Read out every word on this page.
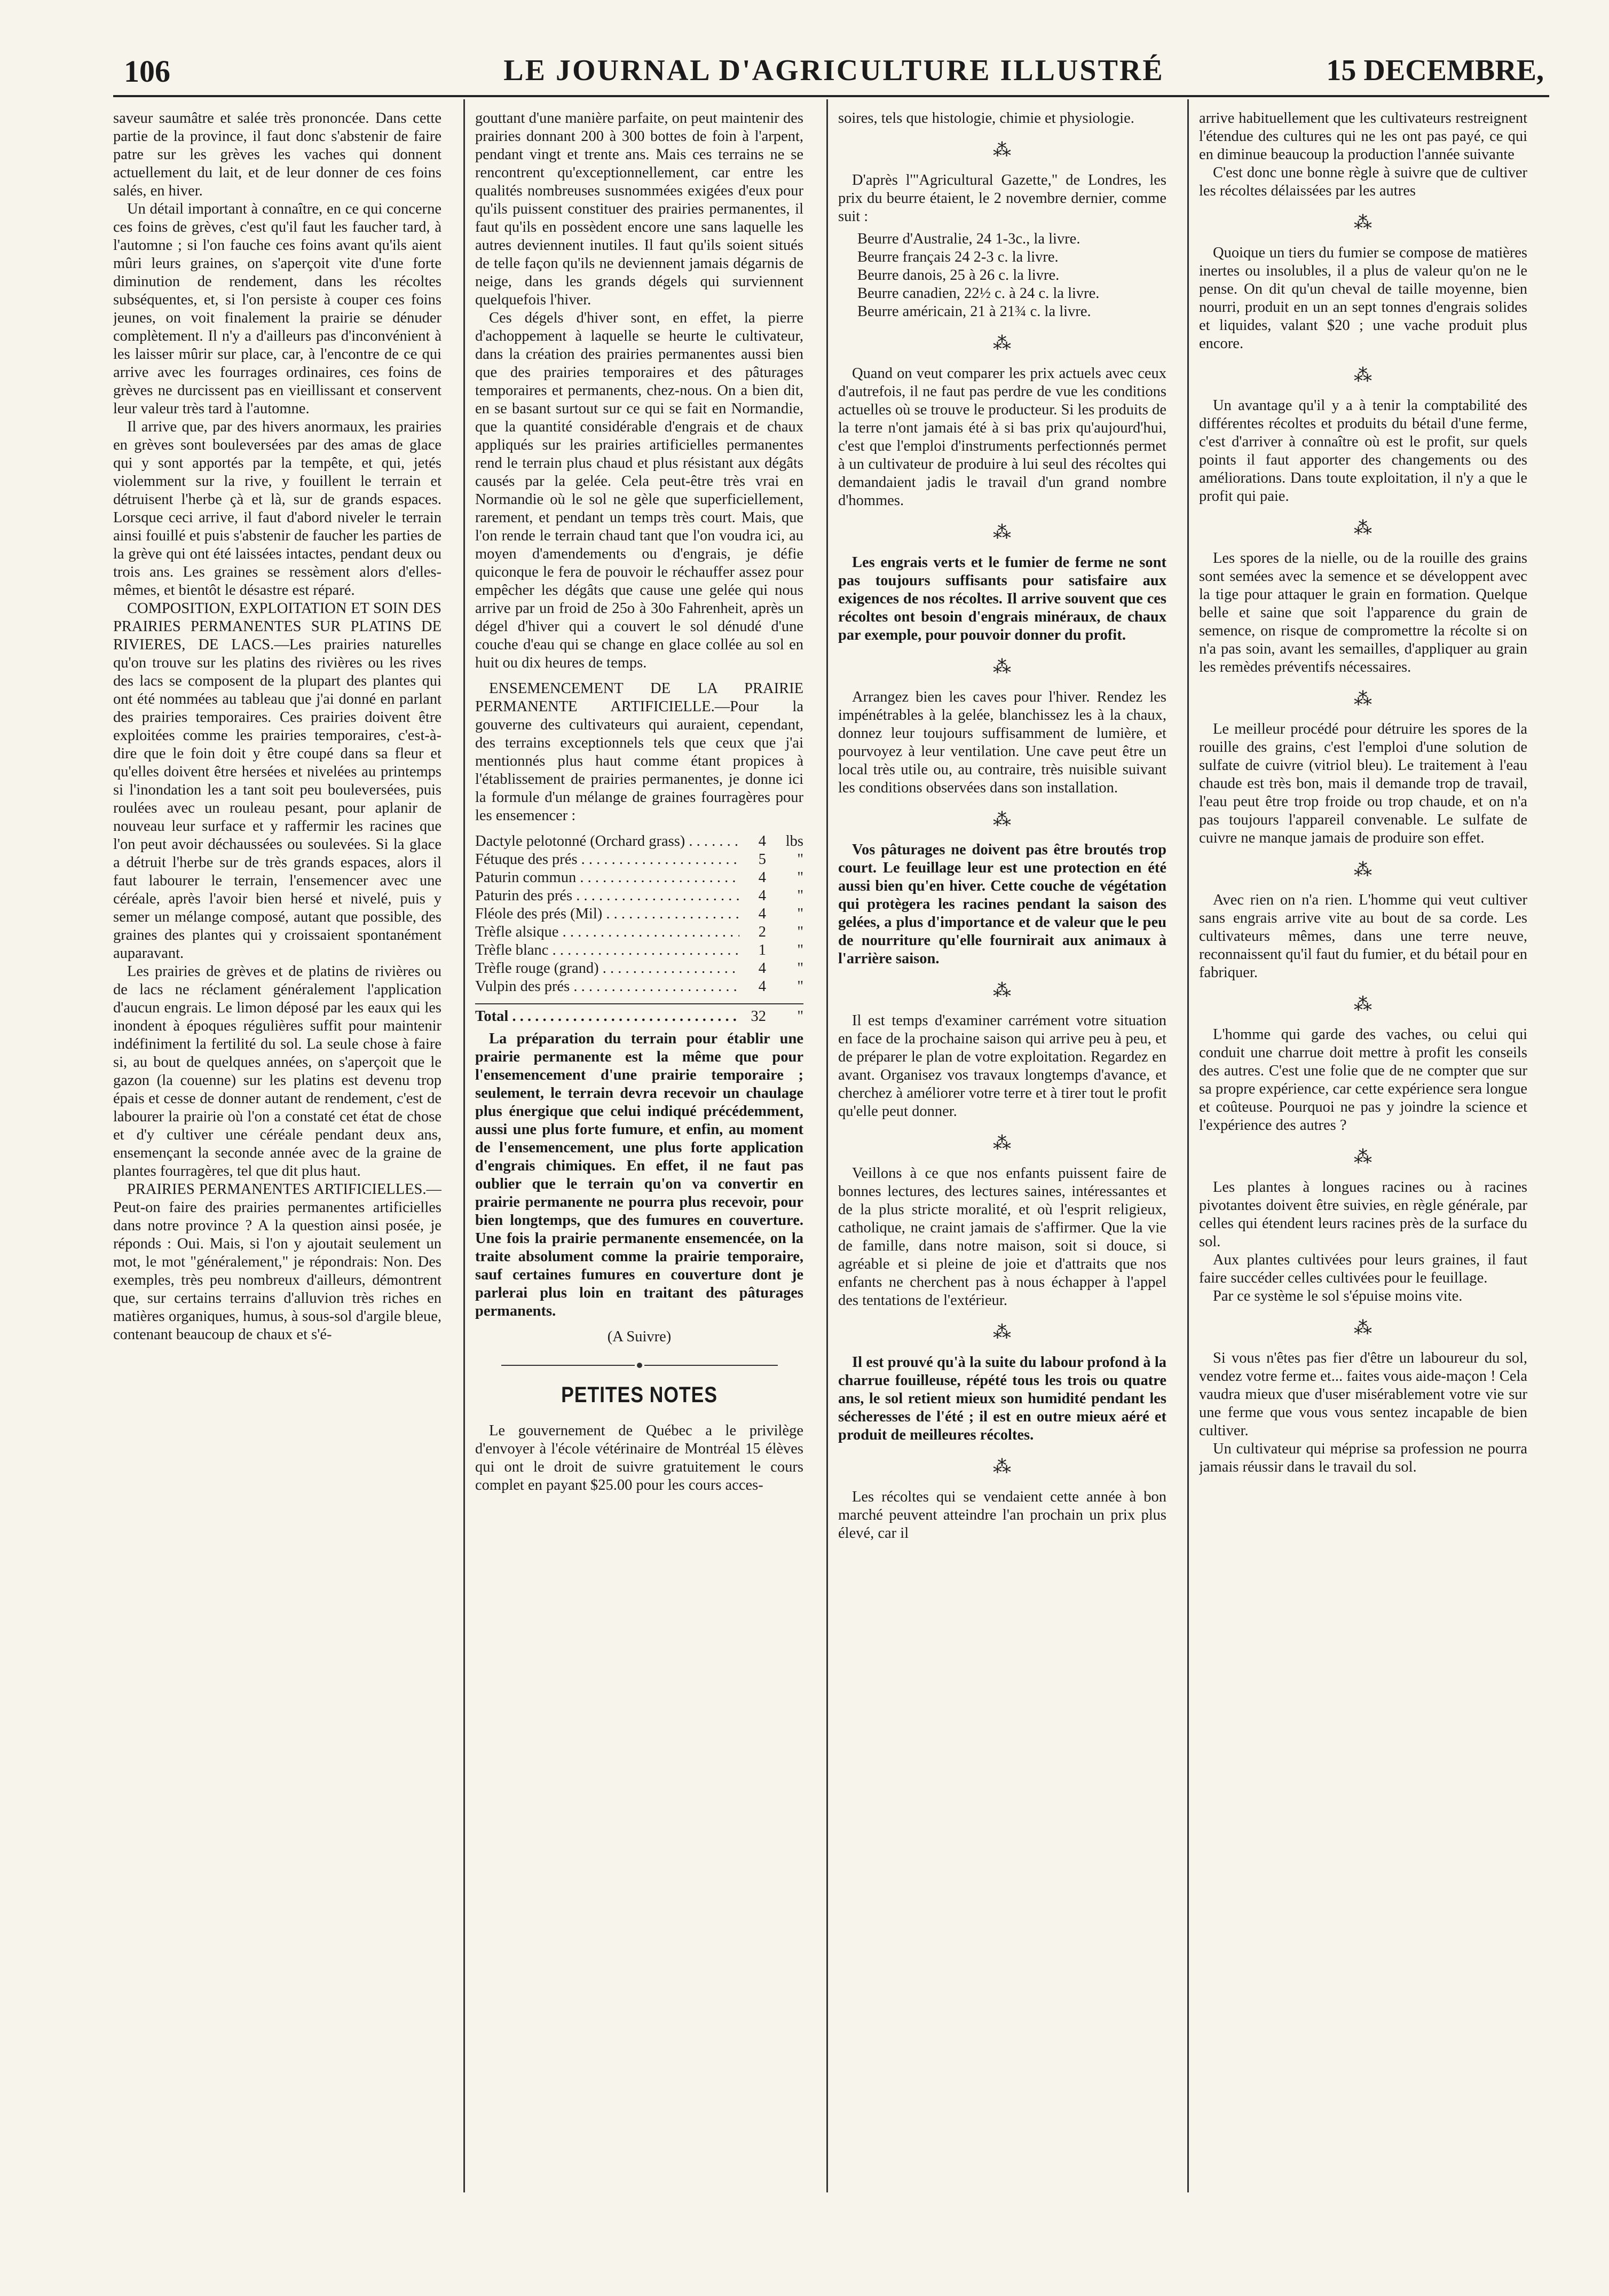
106	LE JOURNAL D'AGRICULTURE ILLUSTRÉ	15 DECEMBRE,

saveur saumâtre et salée très prononcée. Dans cette partie de la province, il faut donc s'abstenir de faire patre sur les grèves les vaches qui donnent actuellement du lait, et de leur donner de ces foins salés, en hiver.

Un détail important à connaître, en ce qui concerne ces foins de grèves, c'est qu'il faut les faucher tard, à l'automne ; si l'on fauche ces foins avant qu'ils aient mûri leurs graines, on s'aperçoit vite d'une forte diminution de rendement, dans les récoltes subséquentes, et, si l'on persiste à couper ces foins jeunes, on voit finalement la prairie se dénuder complètement. Il n'y a d'ailleurs pas d'inconvénient à les laisser mûrir sur place, car, à l'encontre de ce qui arrive avec les fourrages ordinaires, ces foins de grèves ne durcissent pas en vieillissant et conservent leur valeur très tard à l'automne.

Il arrive que, par des hivers anormaux, les prairies en grèves sont bouleversées par des amas de glace qui y sont apportés par la tempête, et qui, jetés violemment sur la rive, y fouillent le terrain et détruisent l'herbe çà et là, sur de grands espaces. Lorsque ceci arrive, il faut d'abord niveler le terrain ainsi fouillé et puis s'abstenir de faucher les parties de la grève qui ont été laissées intactes, pendant deux ou trois ans. Les graines se ressèment alors d'elles-mêmes, et bientôt le désastre est réparé.

COMPOSITION, EXPLOITATION ET SOIN DES PRAIRIES PERMANENTES SUR PLATINS DE RIVIERES, DE LACS.—Les prairies naturelles qu'on trouve sur les platins des rivières ou les rives des lacs se composent de la plupart des plantes qui ont été nommées au tableau que j'ai donné en parlant des prairies temporaires. Ces prairies doivent être exploitées comme les prairies temporaires, c'est-à-dire que le foin doit y être coupé dans sa fleur et qu'elles doivent être hersées et nivelées au printemps si l'inondation les a tant soit peu bouleversées, puis roulées avec un rouleau pesant, pour aplanir de nouveau leur surface et y raffermir les racines que l'on peut avoir déchaussées ou soulevées. Si la glace a détruit l'herbe sur de très grands espaces, alors il faut labourer le terrain, l'ensemencer avec une céréale, après l'avoir bien hersé et nivelé, puis y semer un mélange composé, autant que possible, des graines des plantes qui y croissaient spontanément auparavant.

Les prairies de grèves et de platins de rivières ou de lacs ne réclament généralement l'application d'aucun engrais. Le limon déposé par les eaux qui les inondent à époques régulières suffit pour maintenir indéfiniment la fertilité du sol. La seule chose à faire si, au bout de quelques années, on s'aperçoit que le gazon (la couenne) sur les platins est devenu trop épais et cesse de donner autant de rendement, c'est de labourer la prairie où l'on a constaté cet état de chose et d'y cultiver une céréale pendant deux ans, ensemençant la seconde année avec de la graine de plantes fourragères, tel que dit plus haut.

PRAIRIES PERMANENTES ARTIFICIELLES.—Peut-on faire des prairies permanentes artificielles dans notre province ? A la question ainsi posée, je réponds : Oui. Mais, si l'on y ajoutait seulement un mot, le mot "généralement," je répondrais: Non. Des exemples, très peu nombreux d'ailleurs, démontrent que, sur certains terrains d'alluvion très riches en matières organiques, humus, à sous-sol d'argile bleue, contenant beaucoup de chaux et s'é-

gouttant d'une manière parfaite, on peut maintenir des prairies donnant 200 à 300 bottes de foin à l'arpent, pendant vingt et trente ans. Mais ces terrains ne se rencontrent qu'exceptionnellement, car entre les qualités nombreuses susnommées exigées d'eux pour qu'ils puissent constituer des prairies permanentes, il faut qu'ils en possèdent encore une sans laquelle les autres deviennent inutiles. Il faut qu'ils soient situés de telle façon qu'ils ne deviennent jamais dégarnis de neige, dans les grands dégels qui surviennent quelquefois l'hiver.

Ces dégels d'hiver sont, en effet, la pierre d'achoppement à laquelle se heurte le cultivateur, dans la création des prairies permanentes aussi bien que des prairies temporaires et des pâturages temporaires et permanents, chez-nous. On a bien dit, en se basant surtout sur ce qui se fait en Normandie, que la quantité considérable d'engrais et de chaux appliqués sur les prairies artificielles permanentes rend le terrain plus chaud et plus résistant aux dégâts causés par la gelée. Cela peut-être très vrai en Normandie où le sol ne gèle que superficiellement, rarement, et pendant un temps très court. Mais, que l'on rende le terrain chaud tant que l'on voudra ici, au moyen d'amendements ou d'engrais, je défie quiconque le fera de pouvoir le réchauffer assez pour empêcher les dégâts que cause une gelée qui nous arrive par un froid de 25o à 30o Fahrenheit, après un dégel d'hiver qui a couvert le sol dénudé d'une couche d'eau qui se change en glace collée au sol en huit ou dix heures de temps.

ENSEMENCEMENT DE LA PRAIRIE PERMANENTE ARTIFICIELLE.—Pour la gouverne des cultivateurs qui auraient, cependant, des terrains exceptionnels tels que ceux que j'ai mentionnés plus haut comme étant propices à l'établissement de prairies permanentes, je donne ici la formule d'un mélange de graines fourragères pour les ensemencer :

Dactyle pelotonné (Orchard grass) . . .	4	lbs
Fétuque des prés . . .	5	"
Paturin commun . . .	4	"
Paturin des prés . . .	4	"
Fléole des prés (Mil) . . .	4	"
Trèfle alsique . . .	2	"
Trèfle blanc . . .	1	"
Trèfle rouge (grand) . . .	4	"
Vulpin des prés . . .	4	"
Total . . .	32	"

La préparation du terrain pour établir une prairie permanente est la même que pour l'ensemencement d'une prairie temporaire ; seulement, le terrain devra recevoir un chaulage plus énergique que celui indiqué précédemment, aussi une plus forte fumure, et enfin, au moment de l'ensemencement, une plus forte application d'engrais chimiques. En effet, il ne faut pas oublier que le terrain qu'on va convertir en prairie permanente ne pourra plus recevoir, pour bien longtemps, que des fumures en couverture. Une fois la prairie permanente ensemencée, on la traite absolument comme la prairie temporaire, sauf certaines fumures en couverture dont je parlerai plus loin en traitant des pâturages permanents.

(A Suivre)
PETITES NOTES

Le gouvernement de Québec a le privilège d'envoyer à l'école vétérinaire de Montréal 15 élèves qui ont le droit de suivre gratuitement le cours complet en payant $25.00 pour les cours acces-

soires, tels que histologie, chimie et physiologie.

⁂

D'après l'"Agricultural Gazette," de Londres, les prix du beurre étaient, le 2 novembre dernier, comme suit :

Beurre d'Australie, 24 1-3c., la livre.
Beurre français 24 2-3 c. la livre.
Beurre danois, 25 à 26 c. la livre.
Beurre canadien, 22½ c. à 24 c. la livre.
Beurre américain, 21 à 21¾ c. la livre.
⁂

Quand on veut comparer les prix actuels avec ceux d'autrefois, il ne faut pas perdre de vue les conditions actuelles où se trouve le producteur. Si les produits de la terre n'ont jamais été à si bas prix qu'aujourd'hui, c'est que l'emploi d'instruments perfectionnés permet à un cultivateur de produire à lui seul des récoltes qui demandaient jadis le travail d'un grand nombre d'hommes.

⁂

Les engrais verts et le fumier de ferme ne sont pas toujours suffisants pour satisfaire aux exigences de nos récoltes. Il arrive souvent que ces récoltes ont besoin d'engrais minéraux, de chaux par exemple, pour pouvoir donner du profit.

⁂

Arrangez bien les caves pour l'hiver. Rendez les impénétrables à la gelée, blanchissez les à la chaux, donnez leur toujours suffisamment de lumière, et pourvoyez à leur ventilation. Une cave peut être un local très utile ou, au contraire, très nuisible suivant les conditions observées dans son installation.

⁂

Vos pâturages ne doivent pas être broutés trop court. Le feuillage leur est une protection en été aussi bien qu'en hiver. Cette couche de végétation qui protègera les racines pendant la saison des gelées, a plus d'importance et de valeur que le peu de nourriture qu'elle fournirait aux animaux à l'arrière saison.

⁂

Il est temps d'examiner carrément votre situation en face de la prochaine saison qui arrive peu à peu, et de préparer le plan de votre exploitation. Regardez en avant. Organisez vos travaux longtemps d'avance, et cherchez à améliorer votre terre et à tirer tout le profit qu'elle peut donner.

⁂

Veillons à ce que nos enfants puissent faire de bonnes lectures, des lectures saines, intéressantes et de la plus stricte moralité, et où l'esprit religieux, catholique, ne craint jamais de s'affirmer. Que la vie de famille, dans notre maison, soit si douce, si agréable et si pleine de joie et d'attraits que nos enfants ne cherchent pas à nous échapper à l'appel des tentations de l'extérieur.

⁂

Il est prouvé qu'à la suite du labour profond à la charrue fouilleuse, répété tous les trois ou quatre ans, le sol retient mieux son humidité pendant les sécheresses de l'été ; il est en outre mieux aéré et produit de meilleures récoltes.

⁂

Les récoltes qui se vendaient cette année à bon marché peuvent atteindre l'an prochain un prix plus élevé, car il

arrive habituellement que les cultivateurs restreignent l'étendue des cultures qui ne les ont pas payé, ce qui en diminue beaucoup la production l'année suivante

C'est donc une bonne règle à suivre que de cultiver les récoltes délaissées par les autres

⁂

Quoique un tiers du fumier se compose de matières inertes ou insolubles, il a plus de valeur qu'on ne le pense. On dit qu'un cheval de taille moyenne, bien nourri, produit en un an sept tonnes d'engrais solides et liquides, valant $20 ; une vache produit plus encore.

⁂

Un avantage qu'il y a à tenir la comptabilité des différentes récoltes et produits du bétail d'une ferme, c'est d'arriver à connaître où est le profit, sur quels points il faut apporter des changements ou des améliorations. Dans toute exploitation, il n'y a que le profit qui paie.

⁂

Les spores de la nielle, ou de la rouille des grains sont semées avec la semence et se développent avec la tige pour attaquer le grain en formation. Quelque belle et saine que soit l'apparence du grain de semence, on risque de compromettre la récolte si on n'a pas soin, avant les semailles, d'appliquer au grain les remèdes préventifs nécessaires.

⁂

Le meilleur procédé pour détruire les spores de la rouille des grains, c'est l'emploi d'une solution de sulfate de cuivre (vitriol bleu). Le traitement à l'eau chaude est très bon, mais il demande trop de travail, l'eau peut être trop froide ou trop chaude, et on n'a pas toujours l'appareil convenable. Le sulfate de cuivre ne manque jamais de produire son effet.

⁂

Avec rien on n'a rien. L'homme qui veut cultiver sans engrais arrive vite au bout de sa corde. Les cultivateurs mêmes, dans une terre neuve, reconnaissent qu'il faut du fumier, et du bétail pour en fabriquer.

⁂

L'homme qui garde des vaches, ou celui qui conduit une charrue doit mettre à profit les conseils des autres. C'est une folie que de ne compter que sur sa propre expérience, car cette expérience sera longue et coûteuse. Pourquoi ne pas y joindre la science et l'expérience des autres ?

⁂

Les plantes à longues racines ou à racines pivotantes doivent être suivies, en règle générale, par celles qui étendent leurs racines près de la surface du sol.

Aux plantes cultivées pour leurs graines, il faut faire succéder celles cultivées pour le feuillage.

Par ce système le sol s'épuise moins vite.

⁂

Si vous n'êtes pas fier d'être un laboureur du sol, vendez votre ferme et... faites vous aide-maçon ! Cela vaudra mieux que d'user misérablement votre vie sur une ferme que vous vous sentez incapable de bien cultiver.

Un cultivateur qui méprise sa profession ne pourra jamais réussir dans le travail du sol.
